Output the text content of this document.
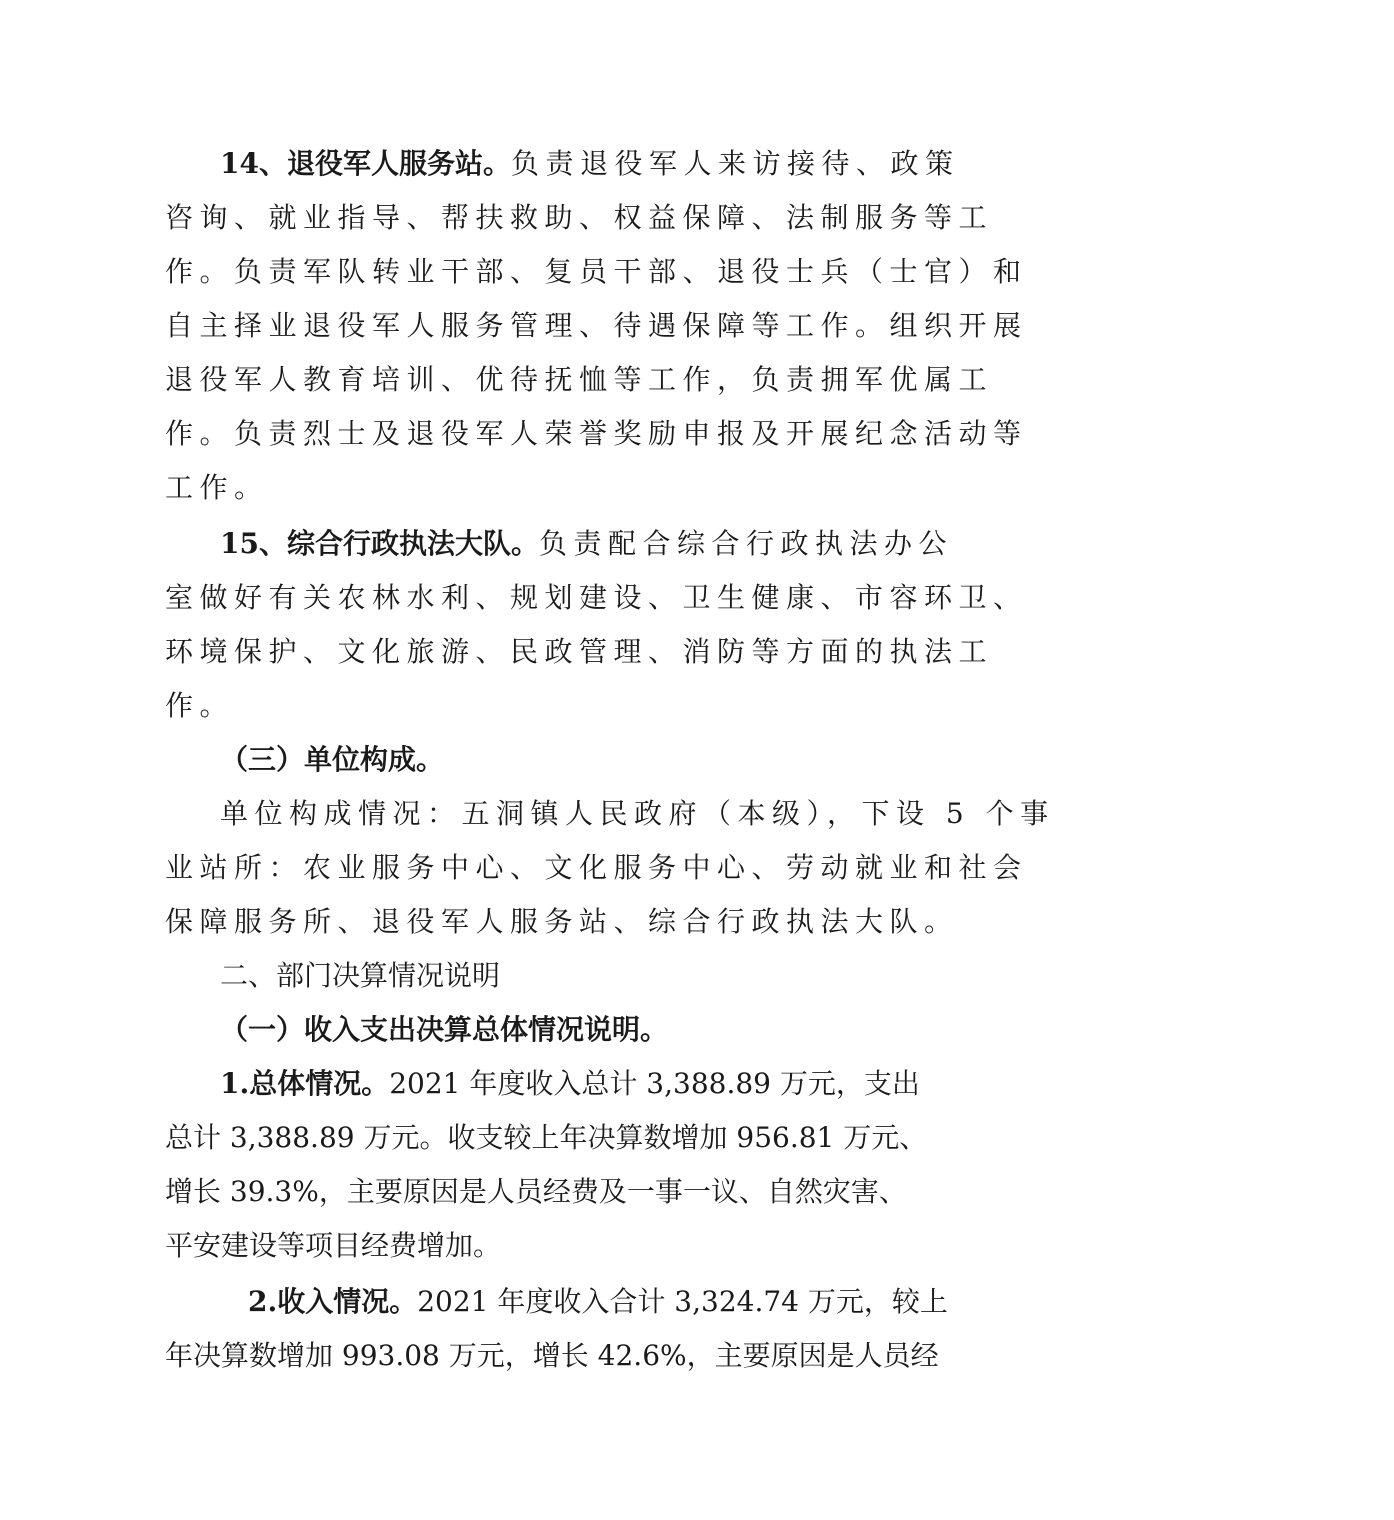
14、退役军人服务站。负责退役军人来访接待、政策
咨询、就业指导、帮扶救助、权益保障、法制服务等工
作。负责军队转业干部、复员干部、退役士兵（士官）和
自主择业退役军人服务管理、待遇保障等工作。组织开展
退役军人教育培训、优待抚恤等工作，负责拥军优属工
作。负责烈士及退役军人荣誉奖励申报及开展纪念活动等
工作。
15、综合行政执法大队。负责配合综合行政执法办公
室做好有关农林水利、规划建设、卫生健康、市容环卫、
环境保护、文化旅游、民政管理、消防等方面的执法工
作。
（三）单位构成。
单位构成情况：五洞镇人民政府（本级），下设 5 个事
业站所：农业服务中心、文化服务中心、劳动就业和社会
保障服务所、退役军人服务站、综合行政执法大队。
二、部门决算情况说明
（一）收入支出决算总体情况说明。
1.总体情况。2021 年度收入总计 3,388.89 万元，支出
总计 3,388.89 万元。收支较上年决算数增加 956.81 万元、
增长 39.3%，主要原因是人员经费及一事一议、自然灾害、
平安建设等项目经费增加。
2.收入情况。2021 年度收入合计 3,324.74 万元，较上
年决算数增加 993.08 万元，增长 42.6%，主要原因是人员经
